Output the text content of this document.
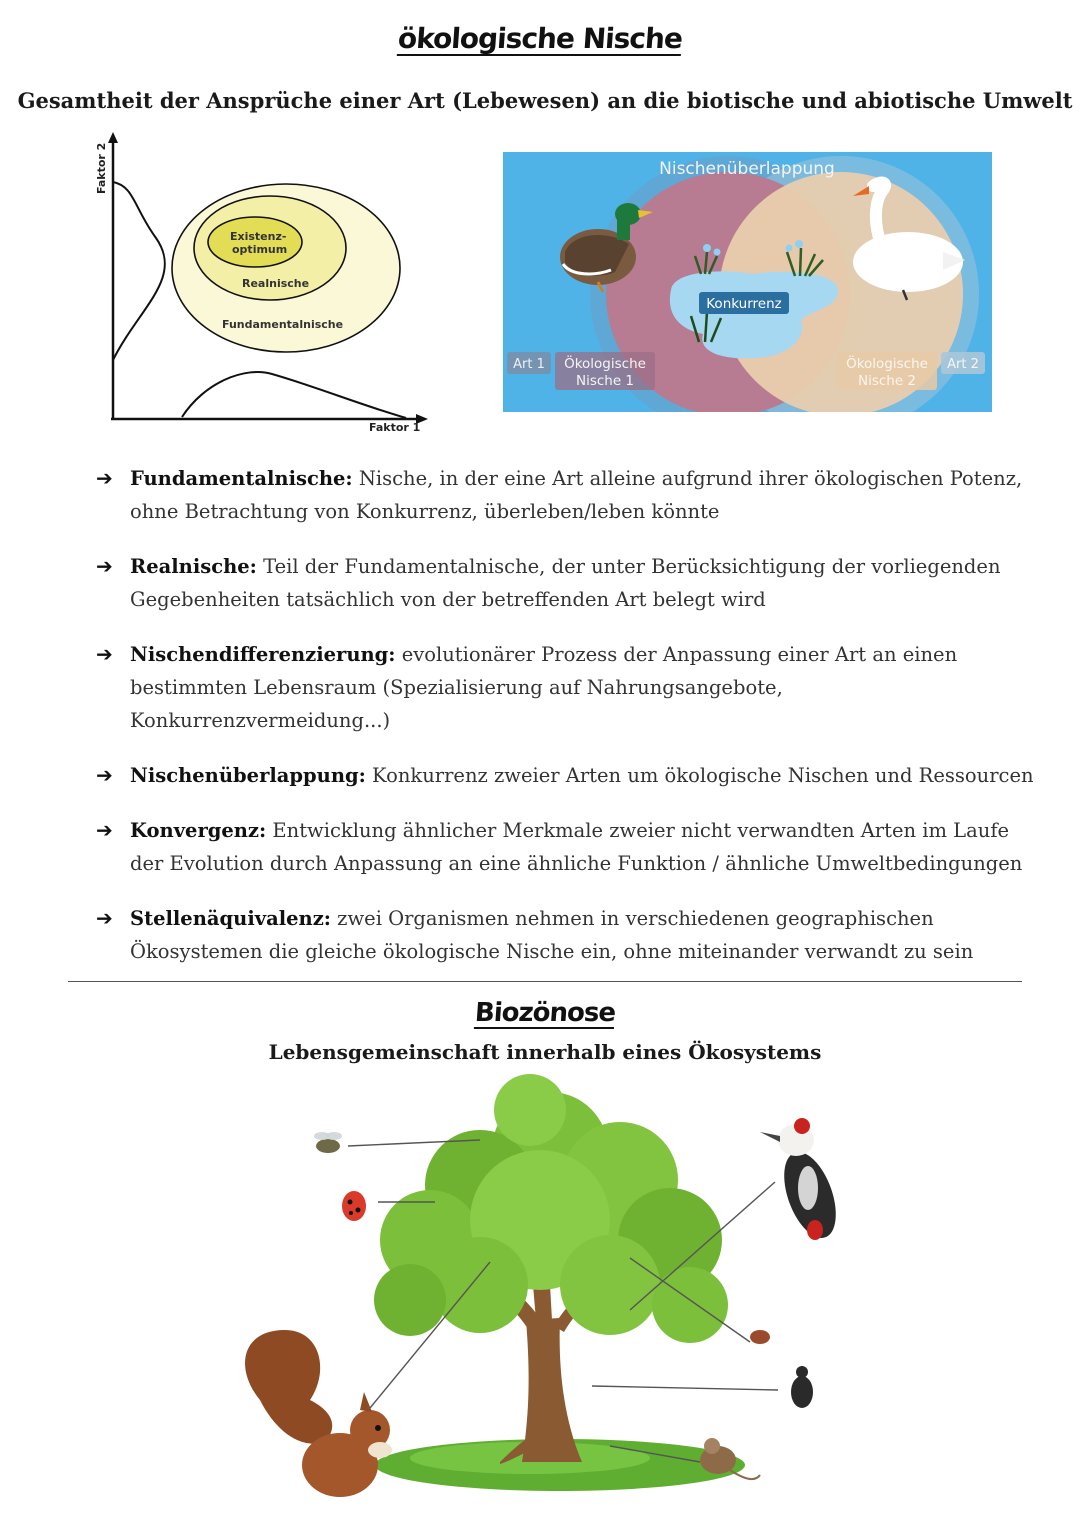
ökologische Nische
Gesamtheit der Ansprüche einer Art (Lebewesen) an die biotische und abiotische Umwelt
Faktor 2
Faktor 1
Existenz-
optimum
Realnische
Fundamentalnische
Nischenüberlappung
Konkurrenz
Art 1 Ökologische
Nische 1
Ökologische
Nische 2
Art 2
➔ Fundamentalnische: Nische, in der eine Art alleine aufgrund ihrer ökologischen Potenz, ohne Betrachtung von Konkurrenz, überleben/leben könnte
➔ Realnische: Teil der Fundamentalnische, der unter Berücksichtigung der vorliegenden Gegebenheiten tatsächlich von der betreffenden Art belegt wird
➔ Nischendifferenzierung: evolutionärer Prozess der Anpassung einer Art an einen bestimmten Lebensraum (Spezialisierung auf Nahrungsangebote, Konkurrenzvermeidung...)
➔ Nischenüberlappung: Konkurrenz zweier Arten um ökologische Nischen und Ressourcen
➔ Konvergenz: Entwicklung ähnlicher Merkmale zweier nicht verwandten Arten im Laufe der Evolution durch Anpassung an eine ähnliche Funktion / ähnliche Umweltbedingungen
➔ Stellenäquivalenz: zwei Organismen nehmen in verschiedenen geographischen Ökosystemen die gleiche ökologische Nische ein, ohne miteinander verwandt zu sein
Biozönose
Lebensgemeinschaft innerhalb eines Ökosystems
